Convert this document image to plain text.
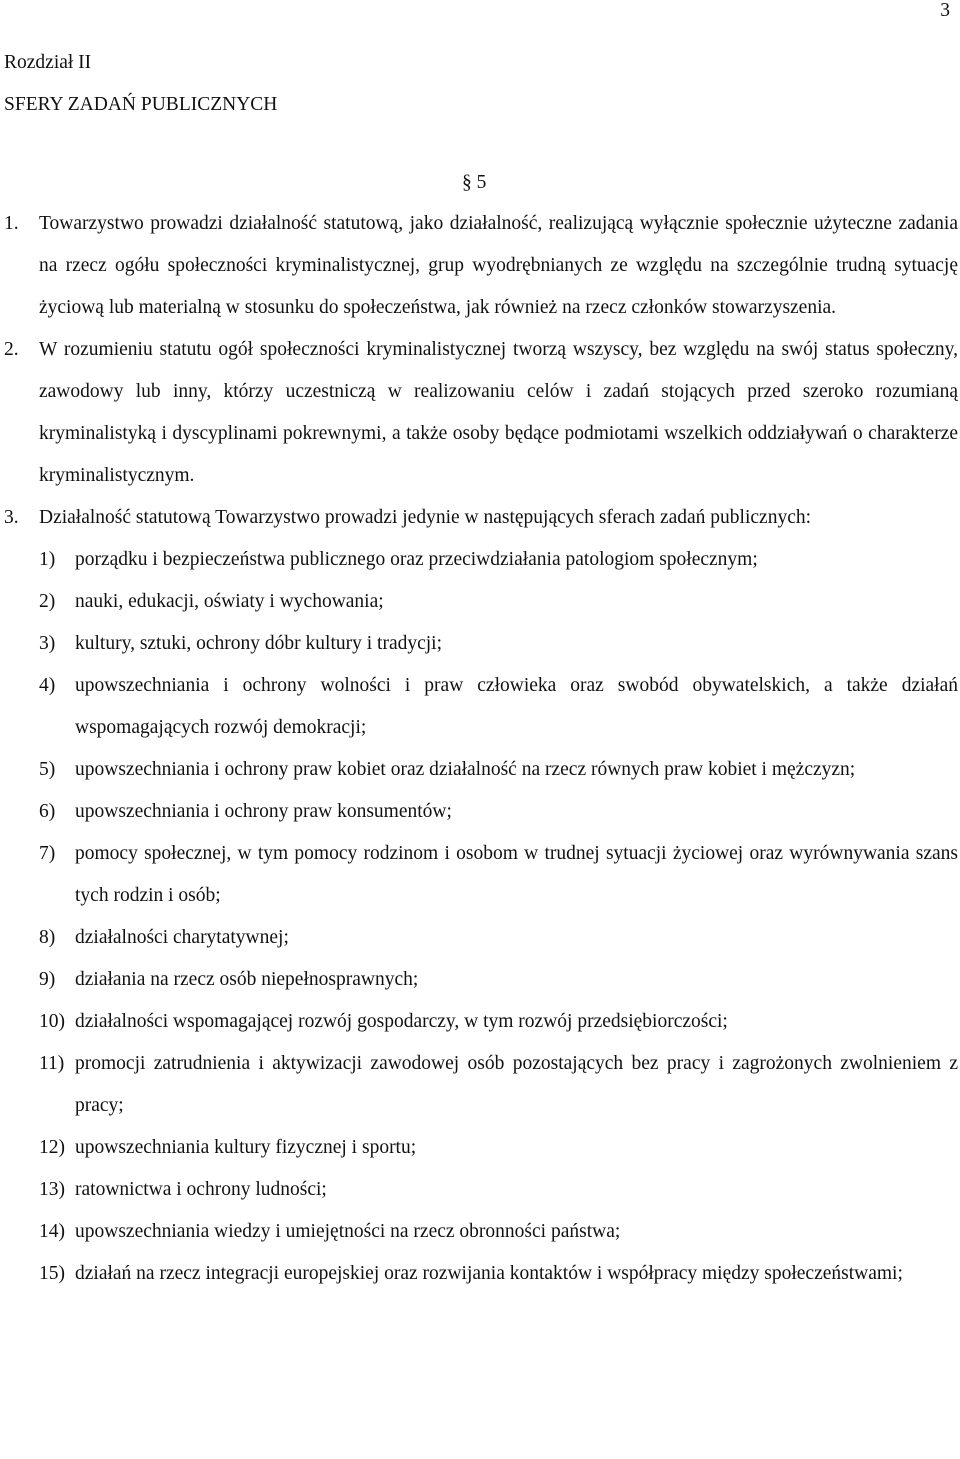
3
Rozdział II
SFERY ZADAŃ PUBLICZNYCH
§ 5

1. Towarzystwo prowadzi działalność statutową, jako działalność, realizującą wyłącznie społecznie użyteczne zadania na rzecz ogółu społeczności kryminalistycznej, grup wyodrębnianych ze względu na szczególnie trudną sytuację życiową lub materialną w stosunku do społeczeństwa, jak również na rzecz członków stowarzyszenia.

2. W rozumieniu statutu ogół społeczności kryminalistycznej tworzą wszyscy, bez względu na swój status społeczny, zawodowy lub inny, którzy uczestniczą w realizowaniu celów i zadań stojących przed szeroko rozumianą kryminalistyką i dyscyplinami pokrewnymi, a także osoby będące podmiotami wszelkich oddziaływań o charakterze kryminalistycznym.

3. Działalność statutową Towarzystwo prowadzi jedynie w następujących sferach zadań publicznych:

1) porządku i bezpieczeństwa publicznego oraz przeciwdziałania patologiom społecznym;

2) nauki, edukacji, oświaty i wychowania;

3) kultury, sztuki, ochrony dóbr kultury i tradycji;

4) upowszechniania i ochrony wolności i praw człowieka oraz swobód obywatelskich, a także działań wspomagających rozwój demokracji;

5) upowszechniania i ochrony praw kobiet oraz działalność na rzecz równych praw kobiet i mężczyzn;

6) upowszechniania i ochrony praw konsumentów;

7) pomocy społecznej, w tym pomocy rodzinom i osobom w trudnej sytuacji życiowej oraz wyrównywania szans tych rodzin i osób;

8) działalności charytatywnej;

9) działania na rzecz osób niepełnosprawnych;

10) działalności wspomagającej rozwój gospodarczy, w tym rozwój przedsiębiorczości;

11) promocji zatrudnienia i aktywizacji zawodowej osób pozostających bez pracy i zagrożonych zwolnieniem z pracy;

12) upowszechniania kultury fizycznej i sportu;

13) ratownictwa i ochrony ludności;

14) upowszechniania wiedzy i umiejętności na rzecz obronności państwa;

15) działań na rzecz integracji europejskiej oraz rozwijania kontaktów i współpracy między społeczeństwami;
